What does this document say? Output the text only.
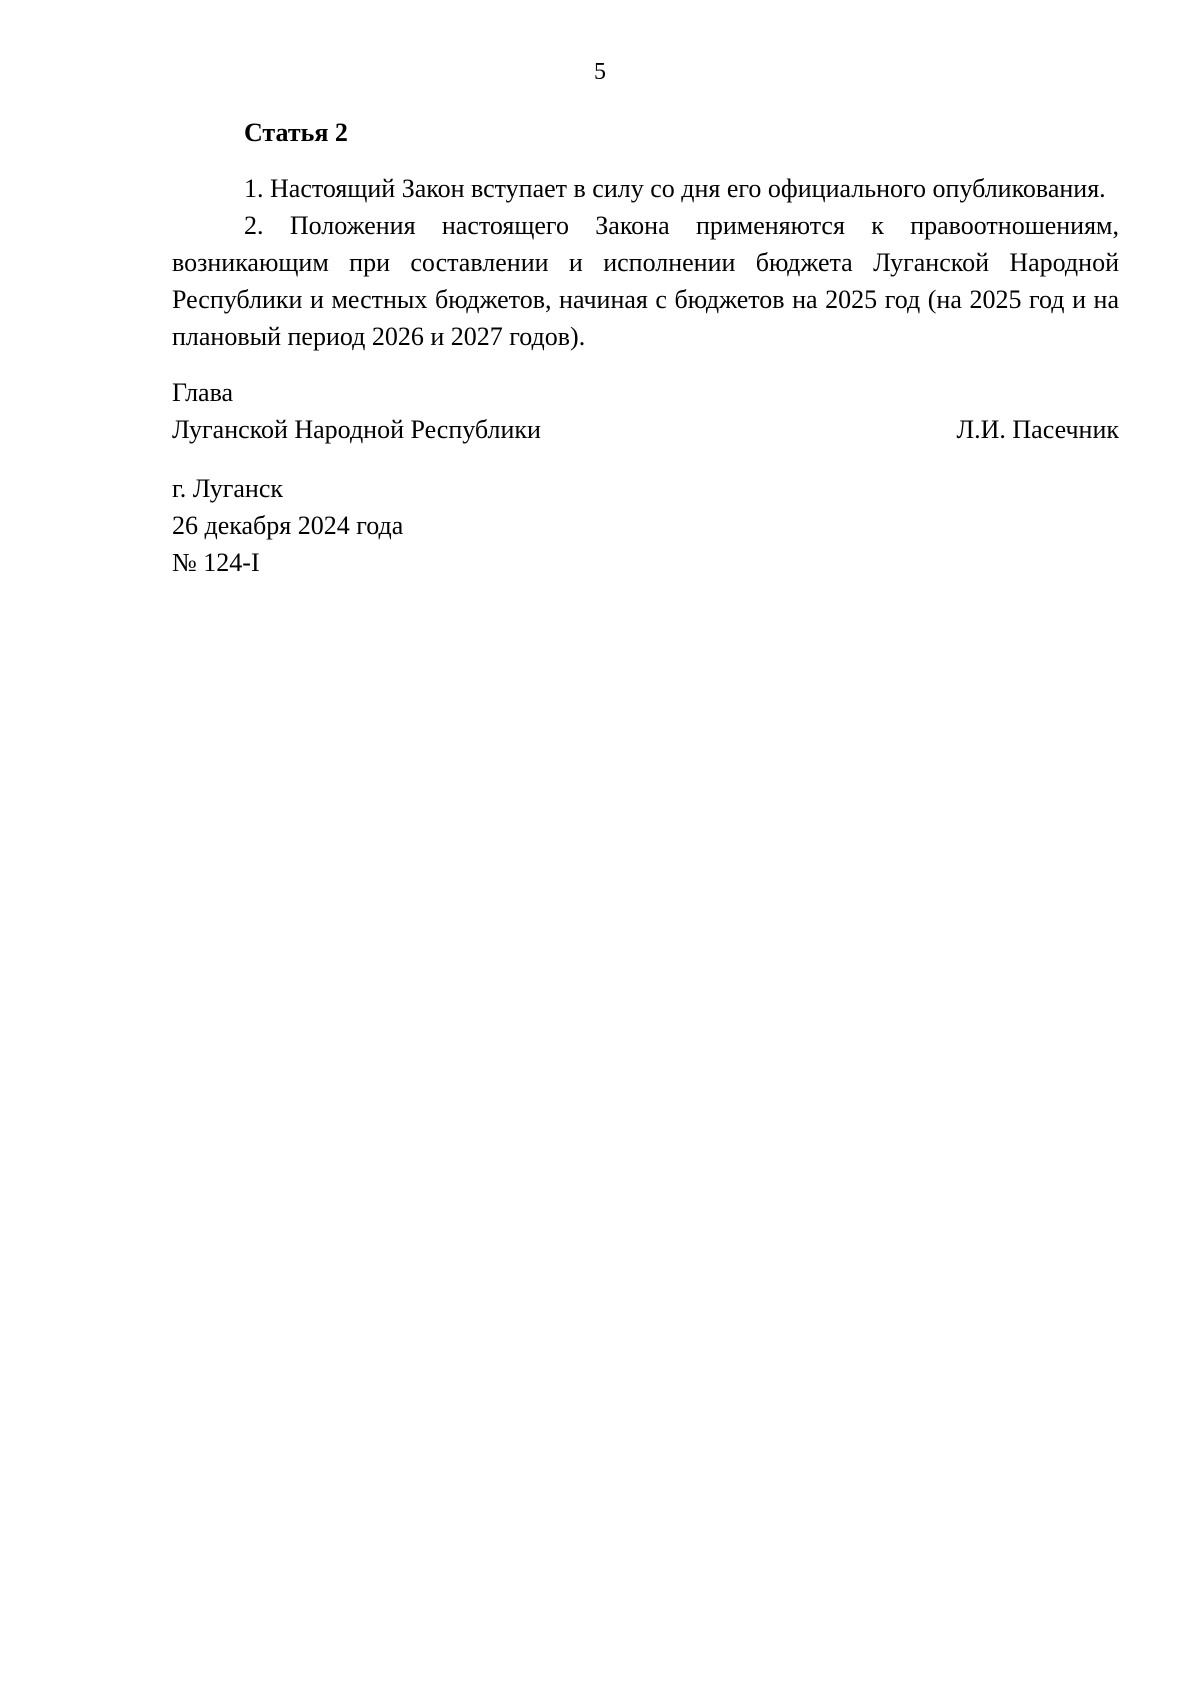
5
Статья 2

1. Настоящий Закон вступает в силу со дня его официального опубликования.

2. Положения настоящего Закона применяются к правоотношениям, возникающим при составлении и исполнении бюджета Луганской Народной Республики и местных бюджетов, начиная с бюджетов на 2025 год (на 2025 год и на плановый период 2026 и 2027 годов).

Глава
Луганской Народной Республики	Л.И. Пасечник
г. Луганск
26 декабря 2024 года
№ 124-I
